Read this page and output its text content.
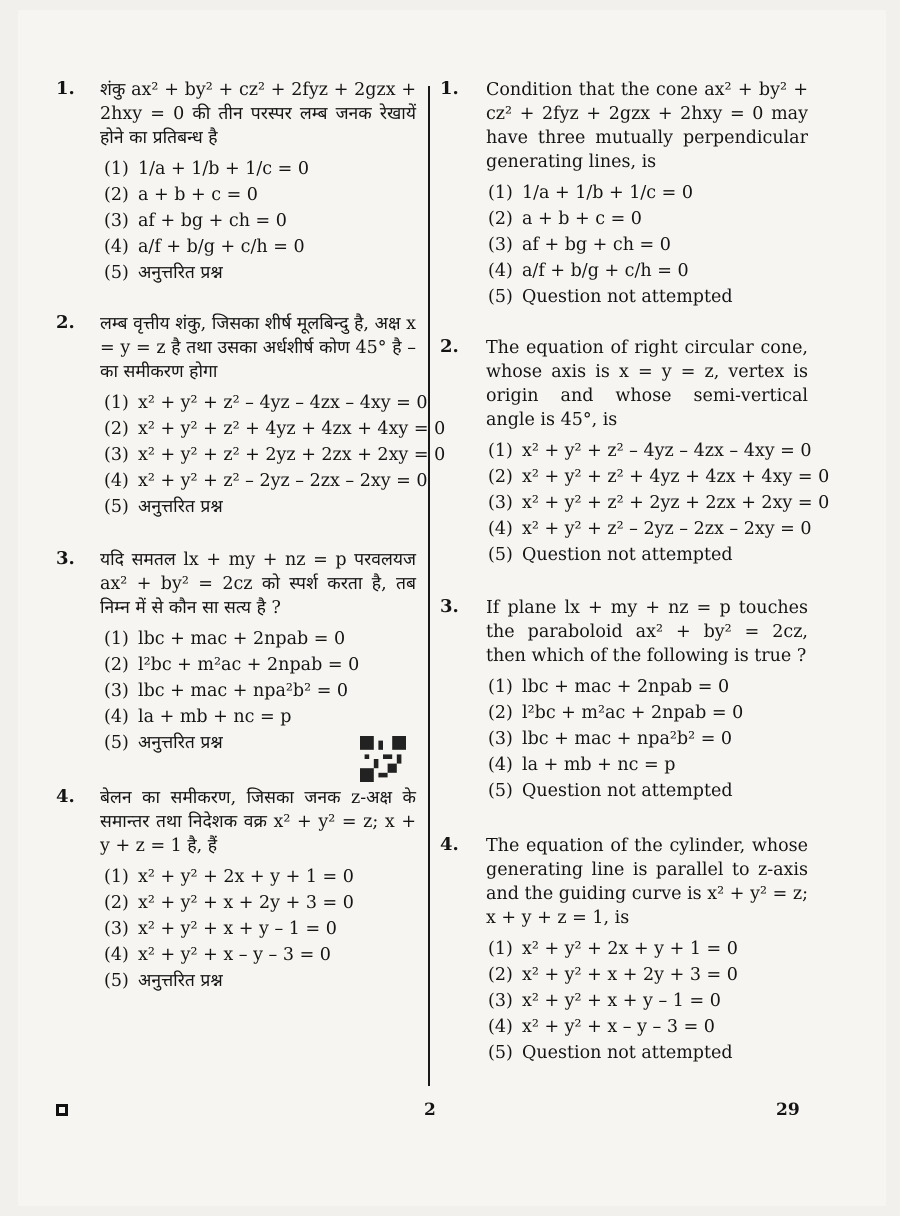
1. शंकु ax² + by² + cz² + 2fyz + 2gzx + 2hxy = 0 की तीन परस्पर लम्ब जनक रेखायें होने का प्रतिबन्ध है
(1) 1/a + 1/b + 1/c = 0
(2) a + b + c = 0
(3) af + bg + ch = 0
(4) a/f + b/g + c/h = 0
(5) अनुत्तरित प्रश्न
2. लम्ब वृत्तीय शंकु, जिसका शीर्ष मूलबिन्दु है, अक्ष x = y = z है तथा उसका अर्धशीर्ष कोण 45° है – का समीकरण होगा
(1) x² + y² + z² – 4yz – 4zx – 4xy = 0
(2) x² + y² + z² + 4yz + 4zx + 4xy = 0
(3) x² + y² + z² + 2yz + 2zx + 2xy = 0
(4) x² + y² + z² – 2yz – 2zx – 2xy = 0
(5) अनुत्तरित प्रश्न
3. यदि समतल lx + my + nz = p परवलयज ax² + by² = 2cz को स्पर्श करता है, तब निम्न में से कौन सा सत्य है ?
(1) lbc + mac + 2npab = 0
(2) l²bc + m²ac + 2npab = 0
(3) lbc + mac + npa²b² = 0
(4) la + mb + nc = p
(5) अनुत्तरित प्रश्न
4. बेलन का समीकरण, जिसका जनक z-अक्ष के समान्तर तथा निदेशक वक्र x² + y² = z; x + y + z = 1 है, हैं
(1) x² + y² + 2x + y + 1 = 0
(2) x² + y² + x + 2y + 3 = 0
(3) x² + y² + x + y – 1 = 0
(4) x² + y² + x – y – 3 = 0
(5) अनुत्तरित प्रश्न
1. Condition that the cone ax² + by² + cz² + 2fyz + 2gzx + 2hxy = 0 may have three mutually perpendicular generating lines, is
(1) 1/a + 1/b + 1/c = 0
(2) a + b + c = 0
(3) af + bg + ch = 0
(4) a/f + b/g + c/h = 0
(5) Question not attempted
2. The equation of right circular cone, whose axis is x = y = z, vertex is origin and whose semi-vertical angle is 45°, is
(1) x² + y² + z² – 4yz – 4zx – 4xy = 0
(2) x² + y² + z² + 4yz + 4zx + 4xy = 0
(3) x² + y² + z² + 2yz + 2zx + 2xy = 0
(4) x² + y² + z² – 2yz – 2zx – 2xy = 0
(5) Question not attempted
3. If plane lx + my + nz = p touches the paraboloid ax² + by² = 2cz, then which of the following is true ?
(1) lbc + mac + 2npab = 0
(2) l²bc + m²ac + 2npab = 0
(3) lbc + mac + npa²b² = 0
(4) la + mb + nc = p
(5) Question not attempted
4. The equation of the cylinder, whose generating line is parallel to z-axis and the guiding curve is x² + y² = z; x + y + z = 1, is
(1) x² + y² + 2x + y + 1 = 0
(2) x² + y² + x + 2y + 3 = 0
(3) x² + y² + x + y – 1 = 0
(4) x² + y² + x – y – 3 = 0
(5) Question not attempted
2	29
